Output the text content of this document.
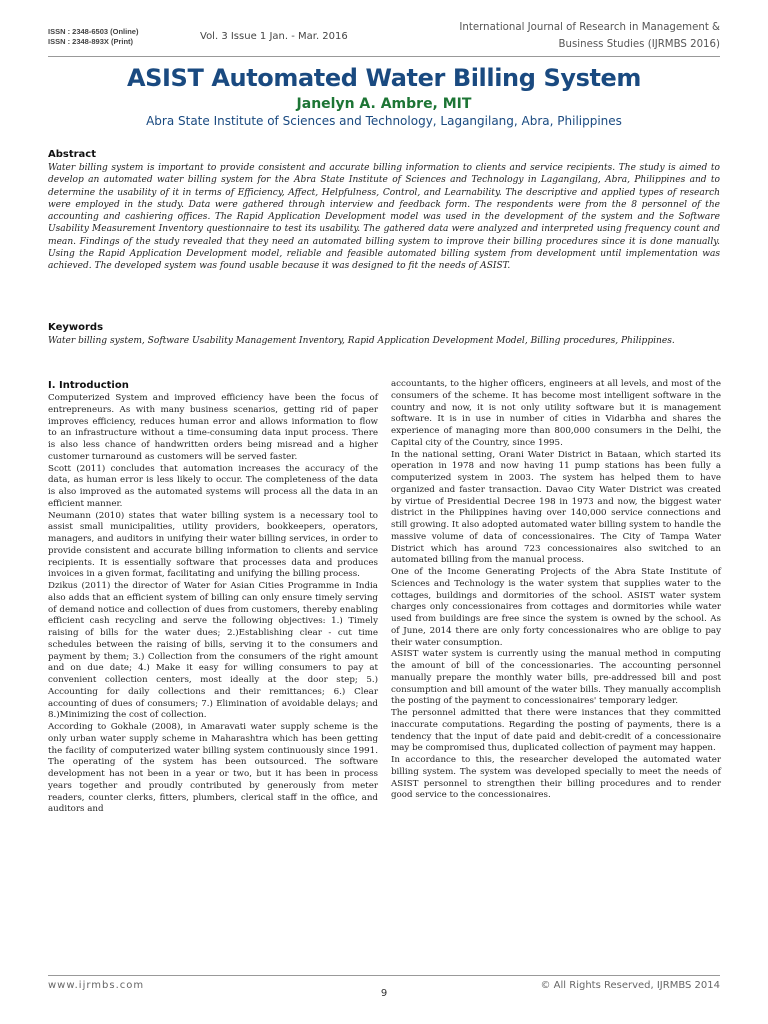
ISSN : 2348-6503 (Online)
ISSN : 2348-893X (Print)	Vol. 3 Issue 1 Jan. - Mar. 2016
International Journal of Research in Management &
Business Studies (IJRMBS 2016)
ASIST Automated Water Billing System
Janelyn A. Ambre, MIT
Abra State Institute of Sciences and Technology, Lagangilang, Abra, Philippines
Abstract
Water billing system is important to provide consistent and accurate billing information to clients and service recipients. The study is aimed to develop an automated water billing system for the Abra State Institute of Sciences and Technology in Lagangilang, Abra, Philippines and to determine the usability of it in terms of Efficiency, Affect, Helpfulness, Control, and Learnability. The descriptive and applied types of research were employed in the study. Data were gathered through interview and feedback form. The respondents were from the 8 personnel of the accounting and cashiering offices. The Rapid Application Development model was used in the development of the system and the Software Usability Measurement Inventory questionnaire to test its usability. The gathered data were analyzed and interpreted using frequency count and mean. Findings of the study revealed that they need an automated billing system to improve their billing procedures since it is done manually. Using the Rapid Application Development model, reliable and feasible automated billing system from development until implementation was achieved. The developed system was found usable because it was designed to fit the needs of ASIST.
Keywords
Water billing system, Software Usability Management Inventory, Rapid Application Development Model, Billing procedures, Philippines.
I. Introduction

Computerized System and improved efficiency have been the focus of entrepreneurs. As with many business scenarios, getting rid of paper improves efficiency, reduces human error and allows information to flow to an infrastructure without a time-consuming data input process. There is also less chance of handwritten orders being misread and a higher customer turnaround as customers will be served faster.

Scott (2011) concludes that automation increases the accuracy of the data, as human error is less likely to occur. The completeness of the data is also improved as the automated systems will process all the data in an efficient manner.

Neumann (2010) states that water billing system is a necessary tool to assist small municipalities, utility providers, bookkeepers, operators, managers, and auditors in unifying their water billing services, in order to provide consistent and accurate billing information to clients and service recipients. It is essentially software that processes data and produces invoices in a given format, facilitating and unifying the billing process.

Dzikus (2011) the director of Water for Asian Cities Programme in India also adds that an efficient system of billing can only ensure timely serving of demand notice and collection of dues from customers, thereby enabling efficient cash recycling and serve the following objectives: 1.) Timely raising of bills for the water dues; 2.)Establishing clear - cut time schedules between the raising of bills, serving it to the consumers and payment by them; 3.) Collection from the consumers of the right amount and on due date; 4.) Make it easy for willing consumers to pay at convenient collection centers, most ideally at the door step; 5.) Accounting for daily collections and their remittances; 6.) Clear accounting of dues of consumers; 7.) Elimination of avoidable delays; and 8.)Minimizing the cost of collection.

According to Gokhale (2008), in Amaravati water supply scheme is the only urban water supply scheme in Maharashtra which has been getting the facility of computerized water billing system continuously since 1991. The operating of the system has been outsourced. The software development has not been in a year or two, but it has been in process years together and proudly contributed by generously from meter readers, counter clerks, fitters, plumbers, clerical staff in the office, and auditors and

accountants, to the higher officers, engineers at all levels, and most of the consumers of the scheme. It has become most intelligent software in the country and now, it is not only utility software but it is management software. It is in use in number of cities in Vidarbha and shares the experience of managing more than 800,000 consumers in the Delhi, the Capital city of the Country, since 1995.

In the national setting, Orani Water District in Bataan, which started its operation in 1978 and now having 11 pump stations has been fully a computerized system in 2003. The system has helped them to have organized and faster transaction. Davao City Water District was created by virtue of Presidential Decree 198 in 1973 and now, the biggest water district in the Philippines having over 140,000 service connections and still growing. It also adopted automated water billing system to handle the massive volume of data of concessionaires. The City of Tampa Water District which has around 723 concessionaires also switched to an automated billing from the manual process.

One of the Income Generating Projects of the Abra State Institute of Sciences and Technology is the water system that supplies water to the cottages, buildings and dormitories of the school. ASIST water system charges only concessionaires from cottages and dormitories while water used from buildings are free since the system is owned by the school. As of June, 2014 there are only forty concessionaires who are oblige to pay their water consumption.

ASIST water system is currently using the manual method in computing the amount of bill of the concessionaries. The accounting personnel manually prepare the monthly water bills, pre-addressed bill and post consumption and bill amount of the water bills. They manually accomplish the posting of the payment to concessionaires' temporary ledger.

The personnel admitted that there were instances that they committed inaccurate computations. Regarding the posting of payments, there is a tendency that the input of date paid and debit-credit of a concessionaire may be compromised thus, duplicated collection of payment may happen.

In accordance to this, the researcher developed the automated water billing system. The system was developed specially to meet the needs of ASIST personnel to strengthen their billing procedures and to render good service to the concessionaires.

www.ijrmbs.com
9
© All Rights Reserved, IJRMBS 2014
